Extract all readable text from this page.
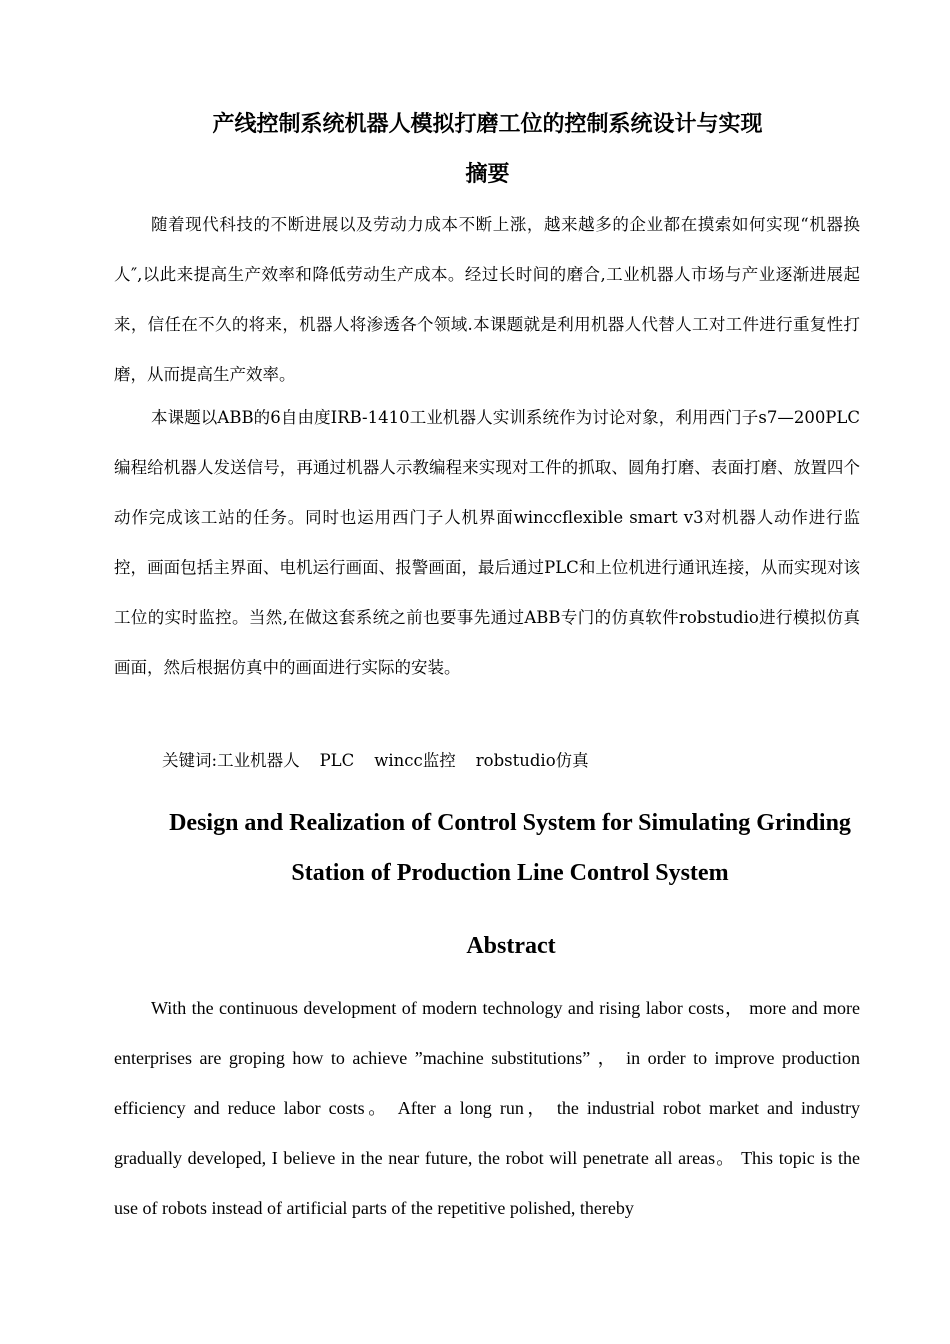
产线控制系统机器人模拟打磨工位的控制系统设计与实现
摘要

随着现代科技的不断进展以及劳动力成本不断上涨，越来越多的企业都在摸索如何实现“机器换人″,以此来提高生产效率和降低劳动生产成本。经过长时间的磨合,工业机器人市场与产业逐渐进展起来，信任在不久的将来，机器人将渗透各个领域.本课题就是利用机器人代替人工对工件进行重复性打磨，从而提高生产效率。

本课题以ABB的6自由度IRB-1410工业机器人实训系统作为讨论对象，利用西门子s7—200PLC编程给机器人发送信号，再通过机器人示教编程来实现对工件的抓取、圆角打磨、表面打磨、放置四个动作完成该工站的任务。同时也运用西门子人机界面winccflexible smart v3对机器人动作进行监控，画面包括主界面、电机运行画面、报警画面，最后通过PLC和上位机进行通讯连接，从而实现对该工位的实时监控。当然,在做这套系统之前也要事先通过ABB专门的仿真软件robstudio进行模拟仿真画面，然后根据仿真中的画面进行实际的安装。

关键词:工业机器人 PLC wincc监控 robstudio仿真

Design and Realization of Control System for Simulating Grinding Station of Production Line Control System
Abstract

With the continuous development of modern technology and rising labor costs， more and more enterprises are groping how to achieve ”machine substitutions” ， in order to improve production efficiency and reduce labor costs。 After a long run， the industrial robot market and industry gradually developed, I believe in the near future, the robot will penetrate all areas。 This topic is the use of robots instead of artificial parts of the repetitive polished, thereby
